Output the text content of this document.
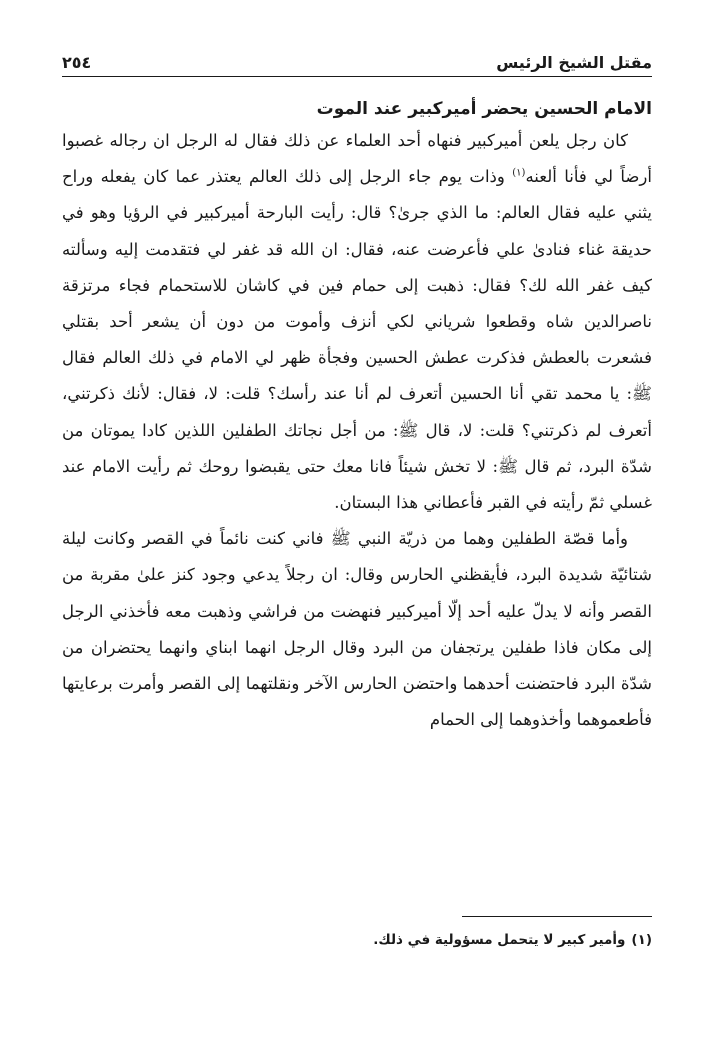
مقتل الشيخ الرئيس
٢٥٤
الامام الحسين يحضر أميركبير عند الموت

كان رجل يلعن أميركبير فنهاه أحد العلماء عن ذلك فقال له الرجل ان رجاله غصبوا أرضاً لي فأنا ألعنه$^{(١)}$ وذات يوم جاء الرجل إلى ذلك العالم يعتذر عما كان يفعله وراح يثني عليه فقال العالم: ما الذي جرىٰ؟ قال: رأيت البارحة أميركبير في الرؤيا وهو في حديقة غناء فنادىٰ علي فأعرضت عنه، فقال: ان الله قد غفر لي فتقدمت إليه وسألته كيف غفر الله لك؟ فقال: ذهبت إلى حمام فين في كاشان للاستحمام فجاء مرتزقة ناصرالدين شاه وقطعوا شرياني لكي أنزف وأموت من دون أن يشعر أحد بقتلي فشعرت بالعطش فذكرت عطش الحسين وفجأة ظهر لي الامام في ذلك العالم فقال ﷺ: يا محمد تقي أنا الحسين أتعرف لم أنا عند رأسك؟ قلت: لا، فقال: لأنك ذكرتني، أتعرف لم ذكرتني؟ قلت: لا، قال ﷺ: من أجل نجاتك الطفلين اللذين كادا يموتان من شدّة البرد، ثم قال ﷺ: لا تخش شيئاً فانا معك حتى يقبضوا روحك ثم رأيت الامام عند غسلي ثمّ رأيته في القبر فأعطاني هذا البستان.

وأما قصّة الطفلين وهما من ذريّة النبي ﷺ فاني كنت نائماً في القصر وكانت ليلة شتائيّة شديدة البرد، فأيقظني الحارس وقال: ان رجلاً يدعي وجود كنز علىٰ مقربة من القصر وأنه لا يدلّ عليه أحد إلّا أميركبير فنهضت من فراشي وذهبت معه فأخذني الرجل إلى مكان فاذا طفلين يرتجفان من البرد وقال الرجل انهما ابناي وانهما يحتضران من شدّة البرد فاحتضنت أحدهما واحتضن الحارس الآخر ونقلتهما إلى القصر وأمرت برعايتها فأطعموهما وأخذوهما إلى الحمام

(١)وأمير كبير لا يتحمل مسؤولية في ذلك.
